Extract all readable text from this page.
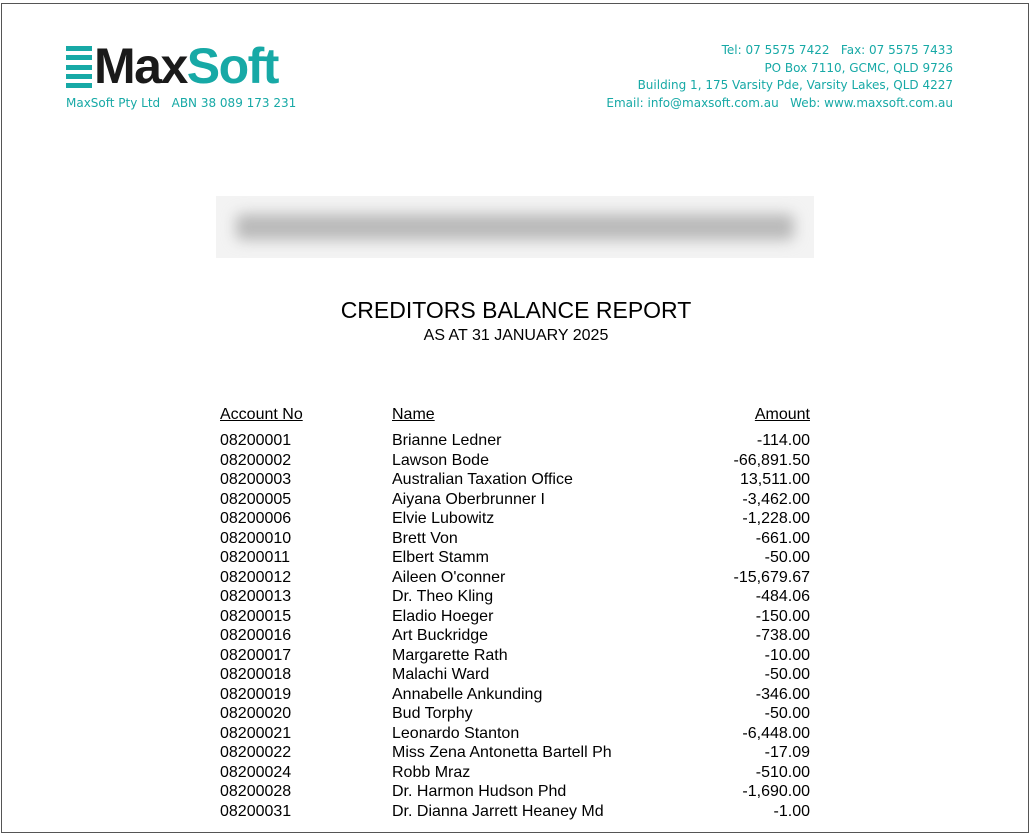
MaxSoft
MaxSoft Pty Ltd   ABN 38 089 173 231
Tel: 07 5575 7422   Fax: 07 5575 7433
PO Box 7110, GCMC, QLD 9726
Building 1, 175 Varsity Pde, Varsity Lakes, QLD 4227
Email: info@maxsoft.com.au   Web: www.maxsoft.com.au
CREDITORS BALANCE REPORT
AS AT 31 JANUARY 2025
Account No	Name	Amount
08200001	Brianne Ledner	-114.00
08200002	Lawson Bode	-66,891.50
08200003	Australian Taxation Office	13,511.00
08200005	Aiyana Oberbrunner I	-3,462.00
08200006	Elvie Lubowitz	-1,228.00
08200010	Brett Von	-661.00
08200011	Elbert Stamm	-50.00
08200012	Aileen O'conner	-15,679.67
08200013	Dr. Theo Kling	-484.06
08200015	Eladio Hoeger	-150.00
08200016	Art Buckridge	-738.00
08200017	Margarette Rath	-10.00
08200018	Malachi Ward	-50.00
08200019	Annabelle Ankunding	-346.00
08200020	Bud Torphy	-50.00
08200021	Leonardo Stanton	-6,448.00
08200022	Miss Zena Antonetta Bartell Ph	-17.09
08200024	Robb Mraz	-510.00
08200028	Dr. Harmon Hudson Phd	-1,690.00
08200031	Dr. Dianna Jarrett Heaney Md	-1.00
